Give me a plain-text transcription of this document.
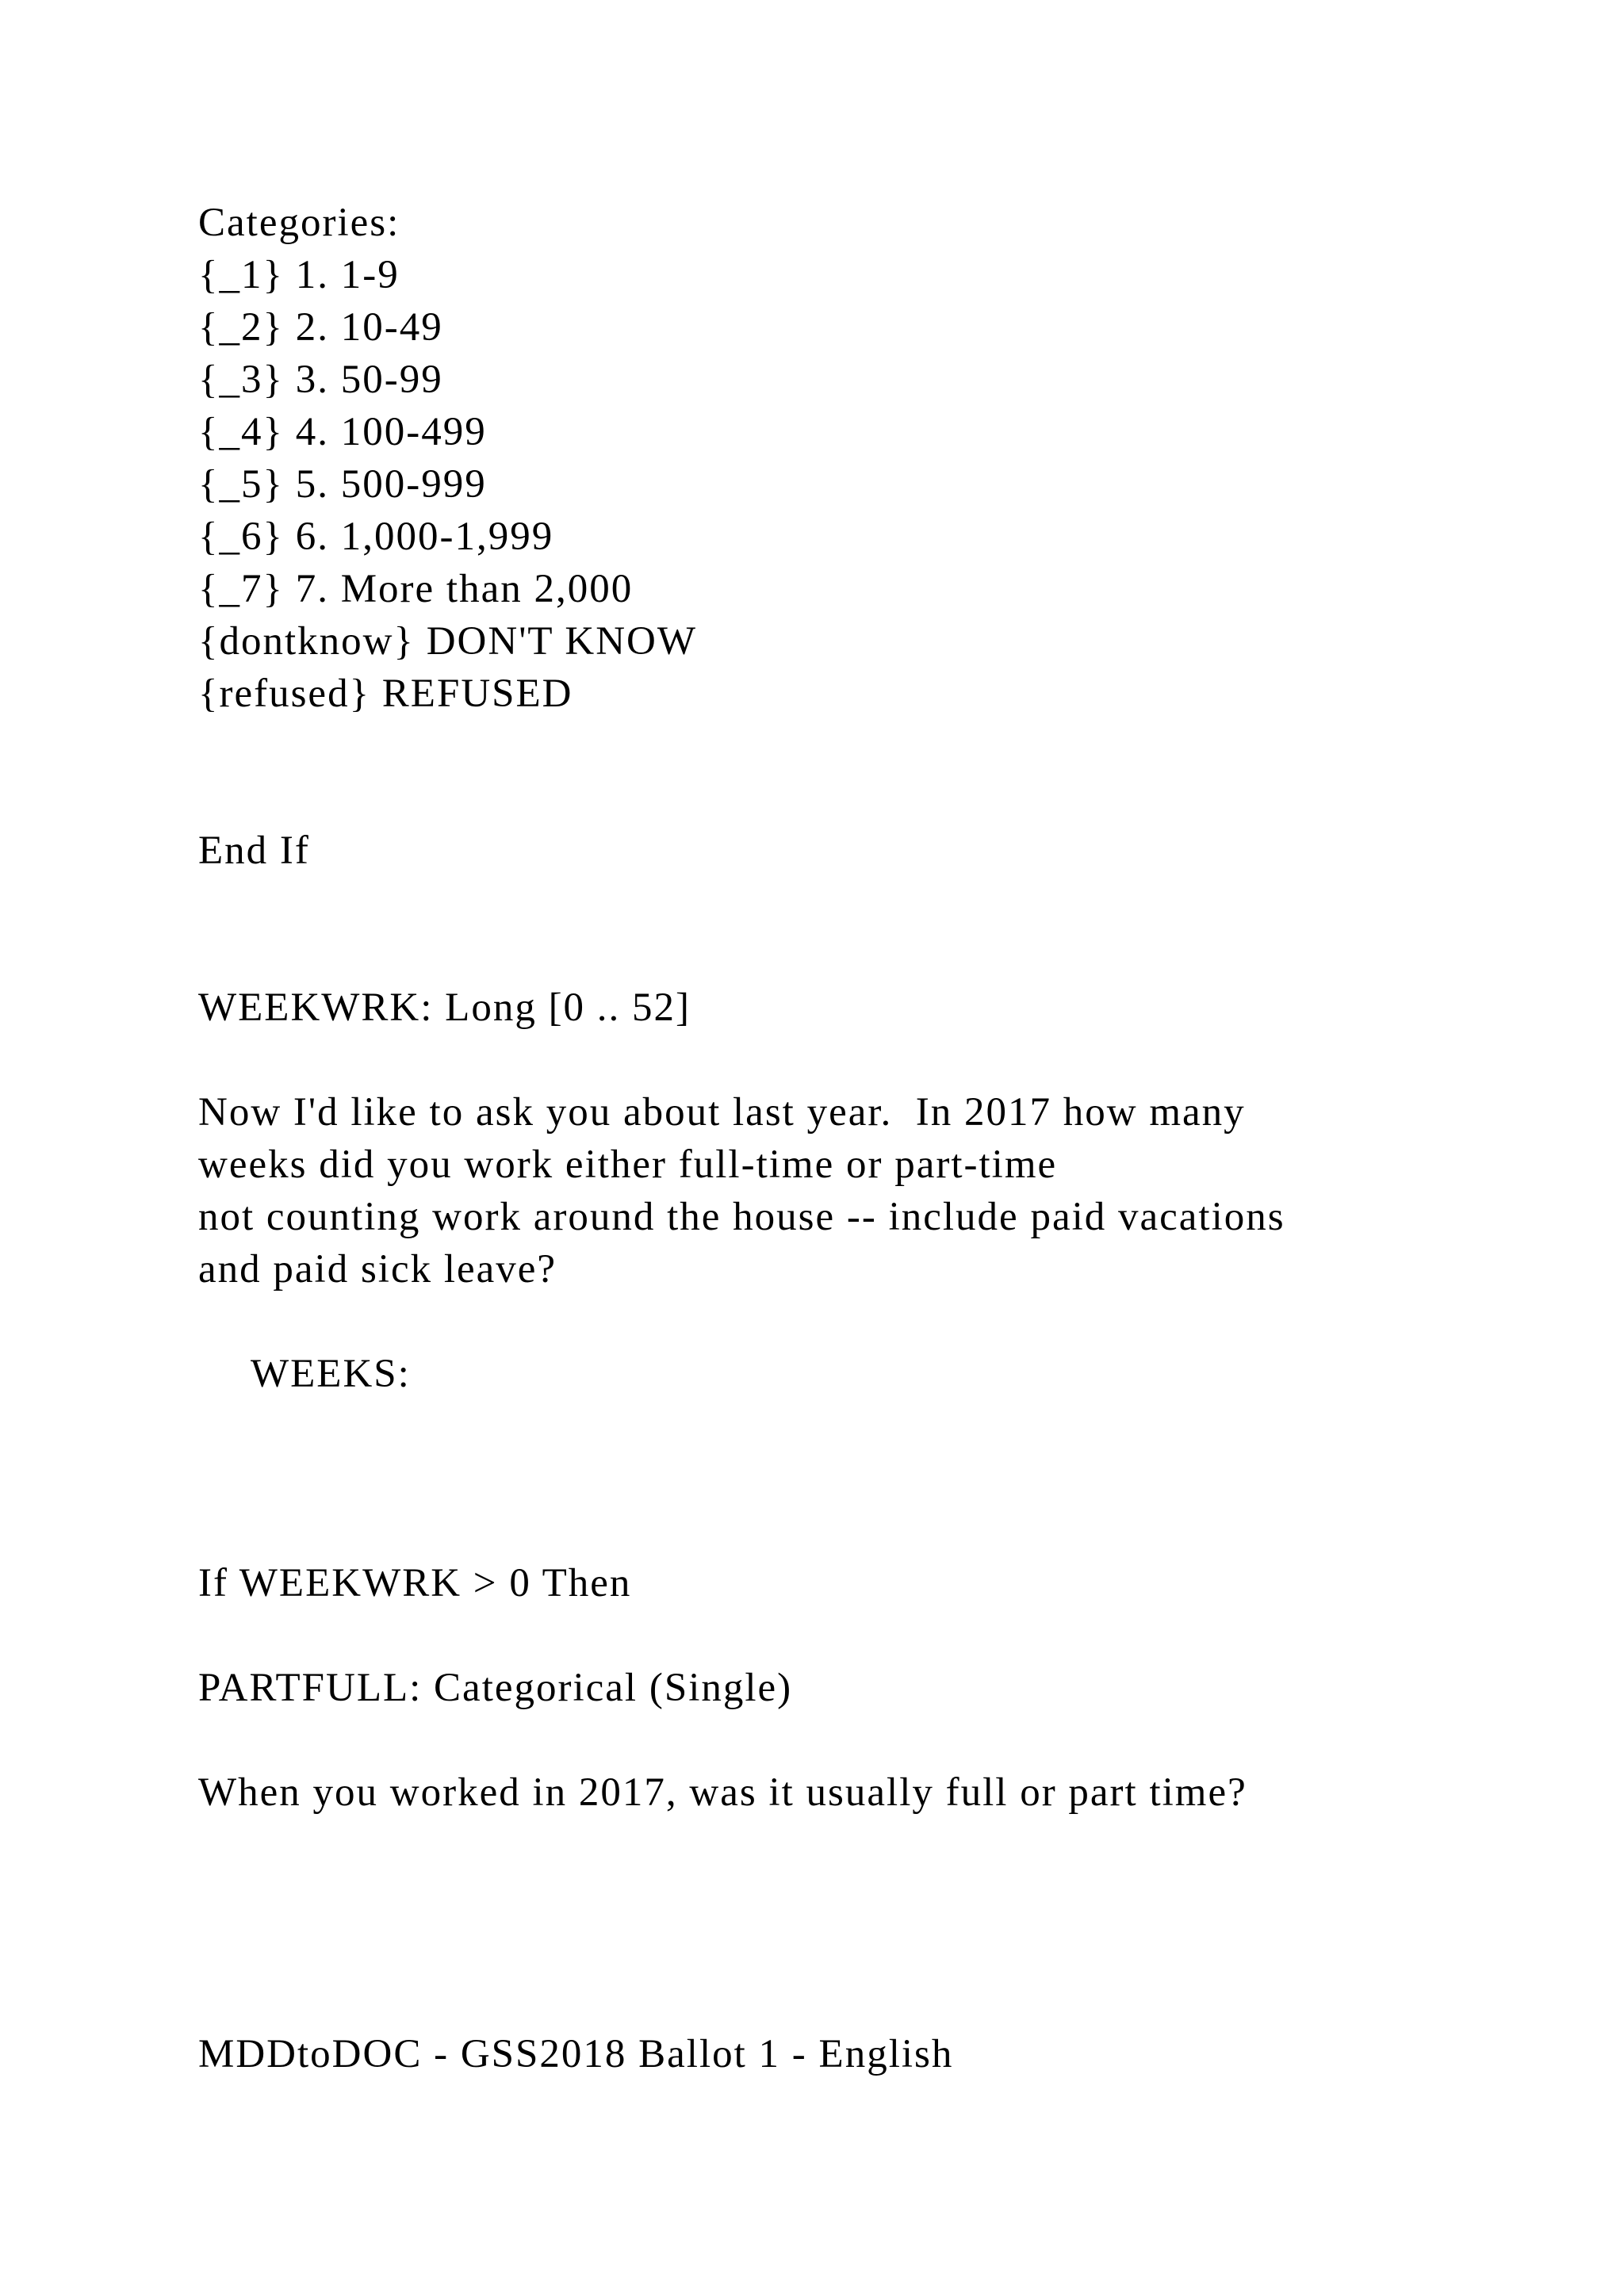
Categories:

{_1} 1. 1-9

{_2} 2. 10-49

{_3} 3. 50-99

{_4} 4. 100-499

{_5} 5. 500-999

{_6} 6. 1,000-1,999

{_7} 7. More than 2,000

{dontknow} DON'T KNOW

{refused} REFUSED

End If

WEEKWRK: Long [0 .. 52]

Now I'd like to ask you about last year.  In 2017 how many

weeks did you work either full-time or part-time

not counting work around the house -- include paid vacations

and paid sick leave?

WEEKS:

If WEEKWRK > 0 Then

PARTFULL: Categorical (Single)

When you worked in 2017, was it usually full or part time?

MDDtoDOC - GSS2018 Ballot 1 - English
